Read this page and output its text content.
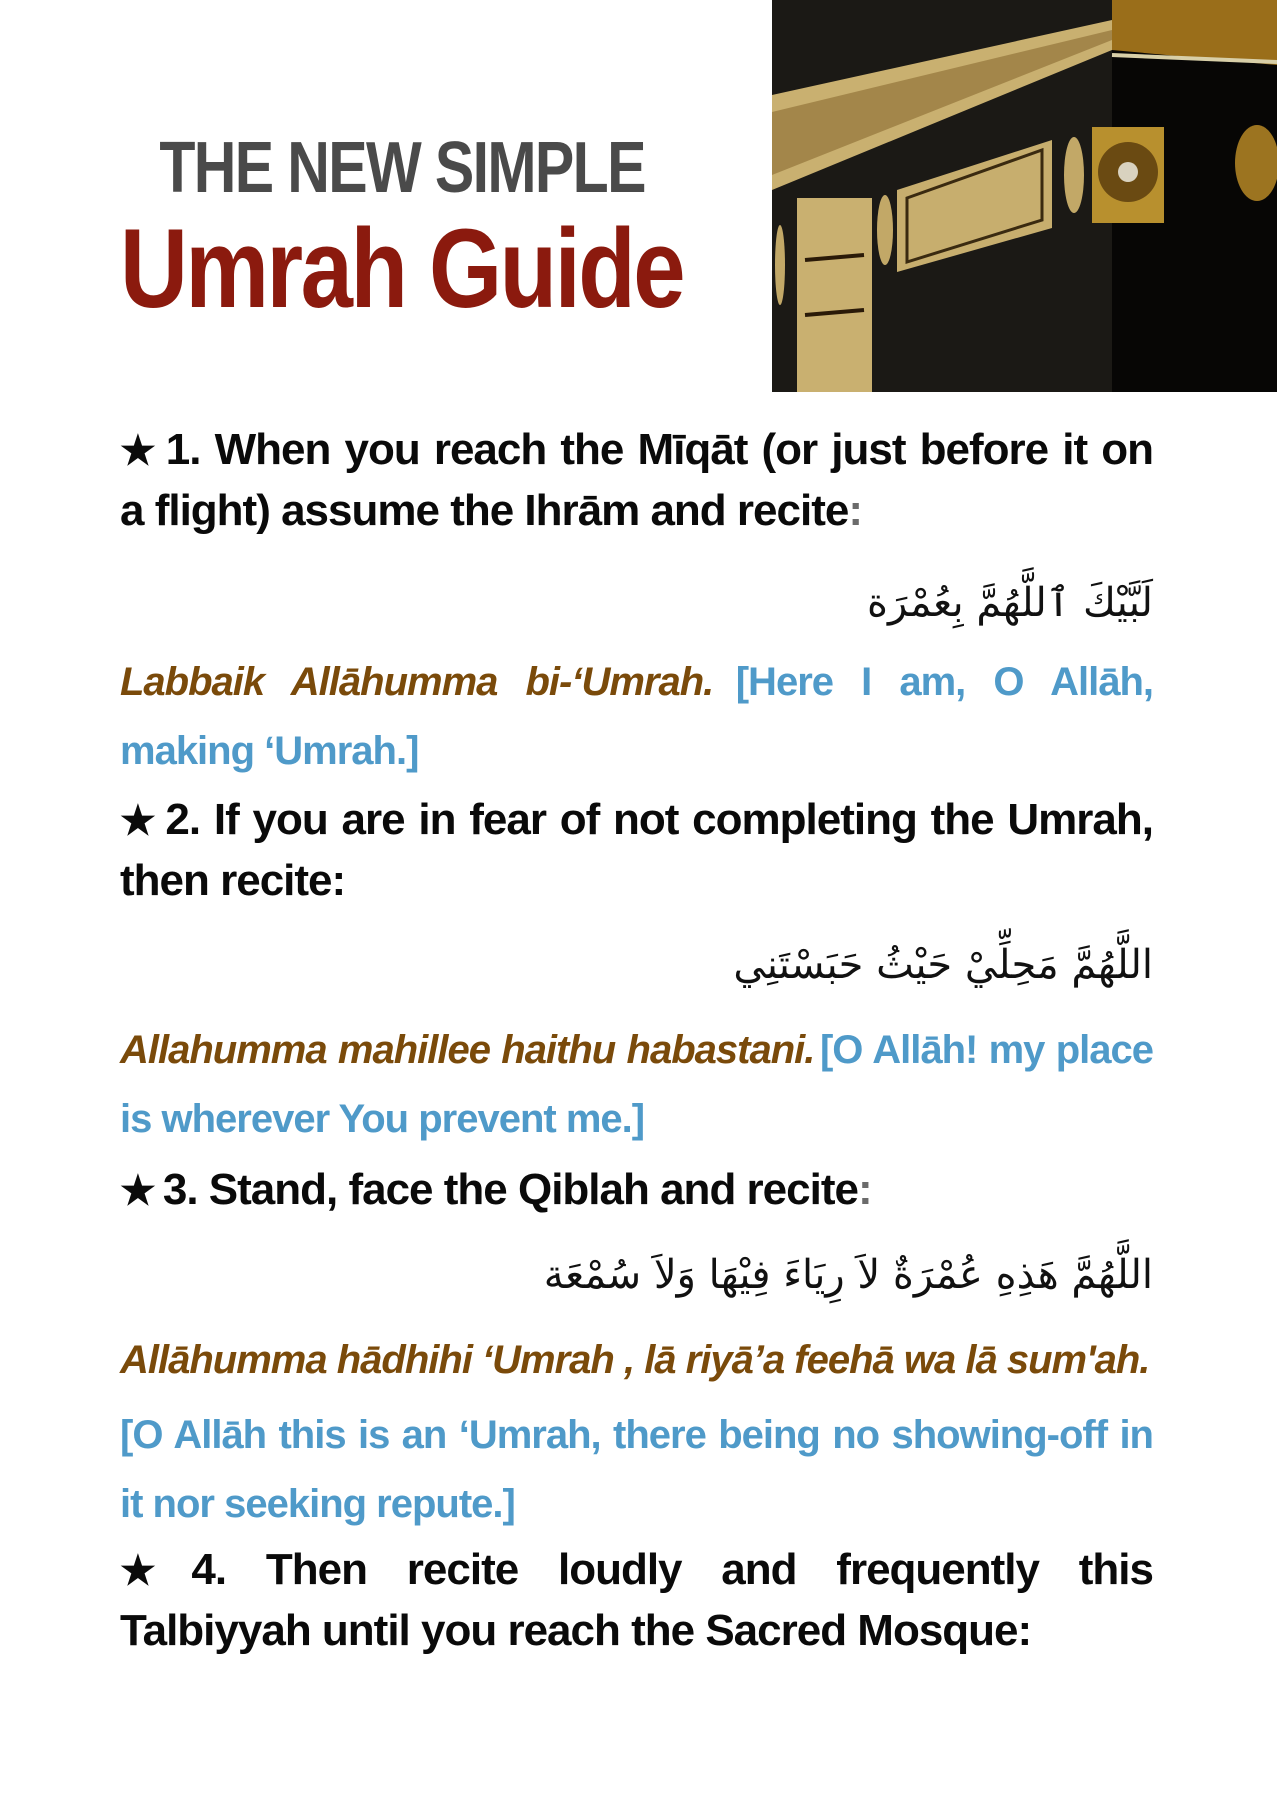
THE NEW SIMPLE
Umrah Guide
★ 1. When you reach the Mīqāt (or just before it on a flight) assume the Ihrām and recite:
لَبَّيْكَ ٱللَّهُمَّ بِعُمْرَة
Labbaik Allāhumma bi-‘Umrah. [Here I am, O Allāh, making ‘Umrah.]
★ 2. If you are in fear of not completing the Umrah, then recite:
اللَّهُمَّ مَحِلِّيْ حَيْثُ حَبَسْتَنِي
Allahumma mahillee haithu habastani. [O Allāh! my place is wherever You prevent me.]
★ 3. Stand, face the Qiblah and recite:
اللَّهُمَّ هَذِهِ عُمْرَةٌ لاَ رِيَاءَ فِيْهَا وَلاَ سُمْعَة
Allāhumma hādhihi ‘Umrah , lā riyā’a feehā wa lā sum'ah.
[O Allāh this is an ‘Umrah, there being no showing-off in it nor seeking repute.]
★ 4. Then recite loudly and frequently this Talbiyyah until you reach the Sacred Mosque:
